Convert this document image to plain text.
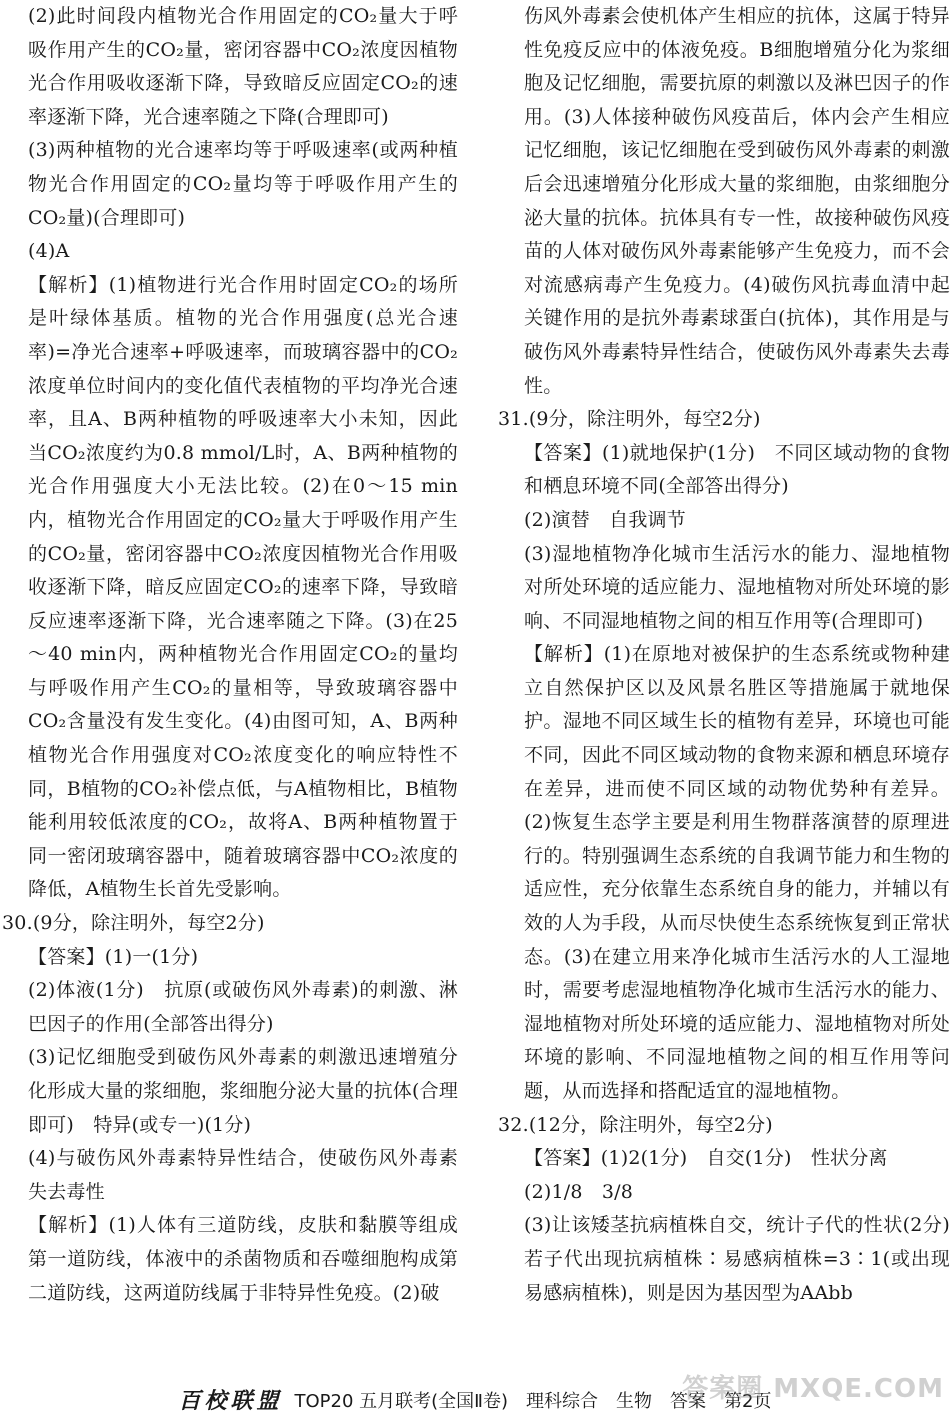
(2)此时间段内植物光合作用固定的CO₂量大于呼吸作用产生的CO₂量，密闭容器中CO₂浓度因植物光合作用吸收逐渐下降，导致暗反应固定CO₂的速率逐渐下降，光合速率随之下降(合理即可)

(3)两种植物的光合速率均等于呼吸速率(或两种植物光合作用固定的CO₂量均等于呼吸作用产生的CO₂量)(合理即可)

(4)A

【解析】(1)植物进行光合作用时固定CO₂的场所是叶绿体基质。植物的光合作用强度(总光合速率)=净光合速率+呼吸速率，而玻璃容器中的CO₂浓度单位时间内的变化值代表植物的平均净光合速率，且A、B两种植物的呼吸速率大小未知，因此当CO₂浓度约为0.8 mmol/L时，A、B两种植物的光合作用强度大小无法比较。(2)在0～15 min内，植物光合作用固定的CO₂量大于呼吸作用产生的CO₂量，密闭容器中CO₂浓度因植物光合作用吸收逐渐下降，暗反应固定CO₂的速率下降，导致暗反应速率逐渐下降，光合速率随之下降。(3)在25～40 min内，两种植物光合作用固定CO₂的量均与呼吸作用产生CO₂的量相等，导致玻璃容器中CO₂含量没有发生变化。(4)由图可知，A、B两种植物光合作用强度对CO₂浓度变化的响应特性不同，B植物的CO₂补偿点低，与A植物相比，B植物能利用较低浓度的CO₂，故将A、B两种植物置于同一密闭玻璃容器中，随着玻璃容器中CO₂浓度的降低，A植物生长首先受影响。

30.(9分，除注明外，每空2分)

【答案】(1)一(1分)

(2)体液(1分)　抗原(或破伤风外毒素)的刺激、淋巴因子的作用(全部答出得分)

(3)记忆细胞受到破伤风外毒素的刺激迅速增殖分化形成大量的浆细胞，浆细胞分泌大量的抗体(合理即可)　特异(或专一)(1分)

(4)与破伤风外毒素特异性结合，使破伤风外毒素失去毒性

【解析】(1)人体有三道防线，皮肤和黏膜等组成第一道防线，体液中的杀菌物质和吞噬细胞构成第二道防线，这两道防线属于非特异性免疫。(2)破

伤风外毒素会使机体产生相应的抗体，这属于特异性免疫反应中的体液免疫。B细胞增殖分化为浆细胞及记忆细胞，需要抗原的刺激以及淋巴因子的作用。(3)人体接种破伤风疫苗后，体内会产生相应记忆细胞，该记忆细胞在受到破伤风外毒素的刺激后会迅速增殖分化形成大量的浆细胞，由浆细胞分泌大量的抗体。抗体具有专一性，故接种破伤风疫苗的人体对破伤风外毒素能够产生免疫力，而不会对流感病毒产生免疫力。(4)破伤风抗毒血清中起关键作用的是抗外毒素球蛋白(抗体)，其作用是与破伤风外毒素特异性结合，使破伤风外毒素失去毒性。

31.(9分，除注明外，每空2分)

【答案】(1)就地保护(1分)　不同区域动物的食物和栖息环境不同(全部答出得分)

(2)演替　自我调节

(3)湿地植物净化城市生活污水的能力、湿地植物对所处环境的适应能力、湿地植物对所处环境的影响、不同湿地植物之间的相互作用等(合理即可)

【解析】(1)在原地对被保护的生态系统或物种建立自然保护区以及风景名胜区等措施属于就地保护。湿地不同区域生长的植物有差异，环境也可能不同，因此不同区域动物的食物来源和栖息环境存在差异，进而使不同区域的动物优势种有差异。(2)恢复生态学主要是利用生物群落演替的原理进行的。特别强调生态系统的自我调节能力和生物的适应性，充分依靠生态系统自身的能力，并辅以有效的人为手段，从而尽快使生态系统恢复到正常状态。(3)在建立用来净化城市生活污水的人工湿地时，需要考虑湿地植物净化城市生活污水的能力、湿地植物对所处环境的适应能力、湿地植物对所处环境的影响、不同湿地植物之间的相互作用等问题，从而选择和搭配适宜的湿地植物。

32.(12分，除注明外，每空2分)

【答案】(1)2(1分)　自交(1分)　性状分离

(2)1/8　3/8

(3)让该矮茎抗病植株自交，统计子代的性状(2分)　若子代出现抗病植株∶易感病植株=3∶1(或出现易感病植株)，则是因为基因型为AAbb

百校联盟 TOP20 五月联考(全国Ⅱ卷)　理科综合　生物　答案　第2页
答案圈 MXQE.COM
